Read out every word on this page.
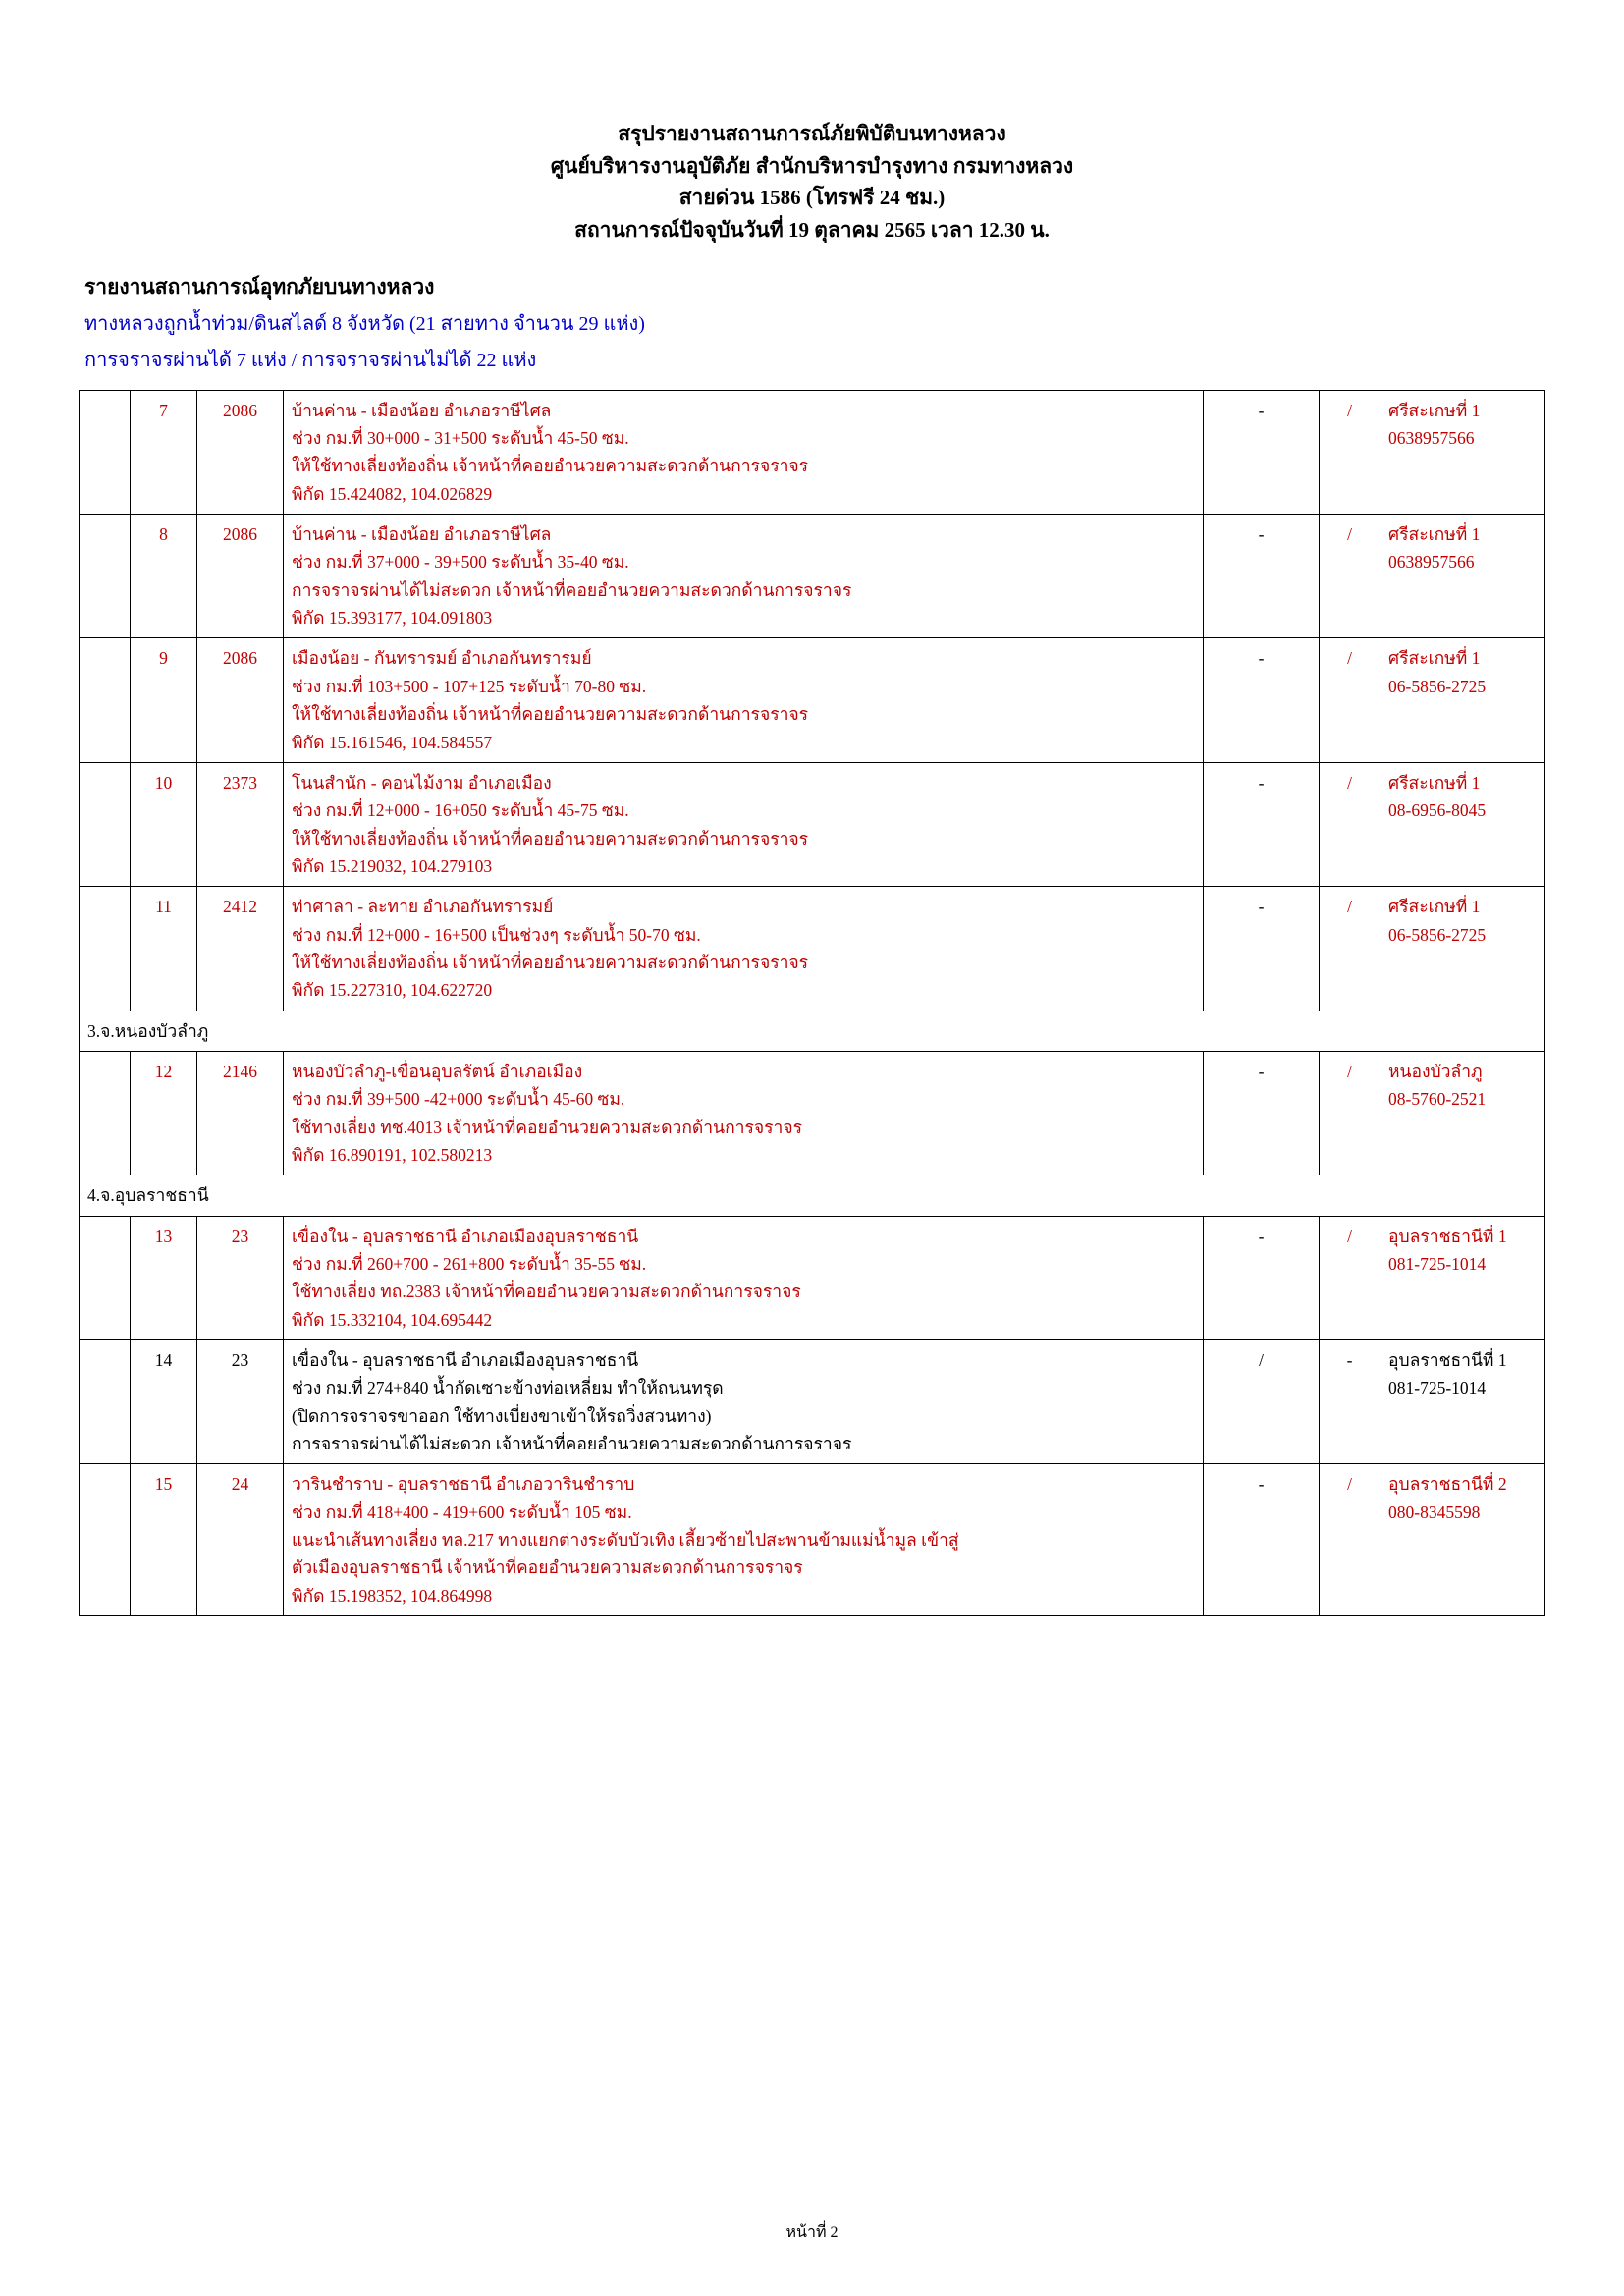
สรุปรายงานสถานการณ์ภัยพิบัติบนทางหลวง
ศูนย์บริหารงานอุบัติภัย สำนักบริหารบำรุงทาง กรมทางหลวง
สายด่วน 1586 (โทรฟรี 24 ชม.)
สถานการณ์ปัจจุบันวันที่ 19 ตุลาคม 2565 เวลา 12.30 น.
รายงานสถานการณ์อุทกภัยบนทางหลวง
ทางหลวงถูกน้ำท่วม/ดินสไลด์ 8 จังหวัด (21 สายทาง จำนวน 29 แห่ง)
การจราจรผ่านได้ 7 แห่ง / การจราจรผ่านไม่ได้ 22 แห่ง
	7	2086	บ้านค่าน - เมืองน้อย อำเภอราษีไศล
ช่วง กม.ที่ 30+000 - 31+500 ระดับน้ำ 45-50 ซม.
ให้ใช้ทางเลี่ยงท้องถิ่น เจ้าหน้าที่คอยอำนวยความสะดวกด้านการจราจร
พิกัด 15.424082, 104.026829
	-	/	ศรีสะเกษที่ 1
0638957566

	8	2086	บ้านค่าน - เมืองน้อย อำเภอราษีไศล
ช่วง กม.ที่ 37+000 - 39+500 ระดับน้ำ 35-40 ซม.
การจราจรผ่านได้ไม่สะดวก เจ้าหน้าที่คอยอำนวยความสะดวกด้านการจราจร
พิกัด 15.393177, 104.091803
	-	/	ศรีสะเกษที่ 1
0638957566

	9	2086	เมืองน้อย - กันทรารมย์ อำเภอกันทรารมย์
ช่วง กม.ที่ 103+500 - 107+125 ระดับน้ำ 70-80 ซม.
ให้ใช้ทางเลี่ยงท้องถิ่น เจ้าหน้าที่คอยอำนวยความสะดวกด้านการจราจร
พิกัด 15.161546, 104.584557
	-	/	ศรีสะเกษที่ 1
06-5856-2725

	10	2373	โนนสำนัก - คอนไม้งาม อำเภอเมือง
ช่วง กม.ที่ 12+000 - 16+050 ระดับน้ำ 45-75 ซม.
ให้ใช้ทางเลี่ยงท้องถิ่น เจ้าหน้าที่คอยอำนวยความสะดวกด้านการจราจร
พิกัด 15.219032, 104.279103
	-	/	ศรีสะเกษที่ 1
08-6956-8045

	11	2412	ท่าศาลา - ละทาย อำเภอกันทรารมย์
ช่วง กม.ที่ 12+000 - 16+500 เป็นช่วงๆ ระดับน้ำ 50-70 ซม.
ให้ใช้ทางเลี่ยงท้องถิ่น เจ้าหน้าที่คอยอำนวยความสะดวกด้านการจราจร
พิกัด 15.227310, 104.622720
	-	/	ศรีสะเกษที่ 1
06-5856-2725

3.จ.หนองบัวลำภู						
	12	2146	หนองบัวลำภู-เขื่อนอุบลรัตน์ อำเภอเมือง
ช่วง กม.ที่ 39+500 -42+000 ระดับน้ำ 45-60 ซม.
ใช้ทางเลี่ยง ทช.4013 เจ้าหน้าที่คอยอำนวยความสะดวกด้านการจราจร
พิกัด 16.890191, 102.580213
	-	/	หนองบัวลำภู
08-5760-2521

4.จ.อุบลราชธานี						
	13	23	เขื่องใน - อุบลราชธานี อำเภอเมืองอุบลราชธานี
ช่วง กม.ที่ 260+700 - 261+800 ระดับน้ำ 35-55 ซม.
ใช้ทางเลี่ยง ทถ.2383 เจ้าหน้าที่คอยอำนวยความสะดวกด้านการจราจร
พิกัด 15.332104, 104.695442
	-	/	อุบลราชธานีที่ 1
081-725-1014

	14	23	เขื่องใน - อุบลราชธานี อำเภอเมืองอุบลราชธานี
ช่วง กม.ที่ 274+840 น้ำกัดเซาะข้างท่อเหลี่ยม ทำให้ถนนทรุด
(ปิดการจราจรขาออก ใช้ทางเบี่ยงขาเข้าให้รถวิ่งสวนทาง)
การจราจรผ่านได้ไม่สะดวก เจ้าหน้าที่คอยอำนวยความสะดวกด้านการจราจร
	/	-	อุบลราชธานีที่ 1
081-725-1014

	15	24	วารินชำราบ - อุบลราชธานี อำเภอวารินชำราบ
ช่วง กม.ที่ 418+400 - 419+600 ระดับน้ำ 105 ซม.
แนะนำเส้นทางเลี่ยง ทล.217 ทางแยกต่างระดับบัวเทิง เลี้ยวซ้ายไปสะพานข้ามแม่น้ำมูล เข้าสู่
ตัวเมืองอุบลราชธานี เจ้าหน้าที่คอยอำนวยความสะดวกด้านการจราจร
พิกัด 15.198352, 104.864998
	-	/	อุบลราชธานีที่ 2
080-8345598
หน้าที่ 2
